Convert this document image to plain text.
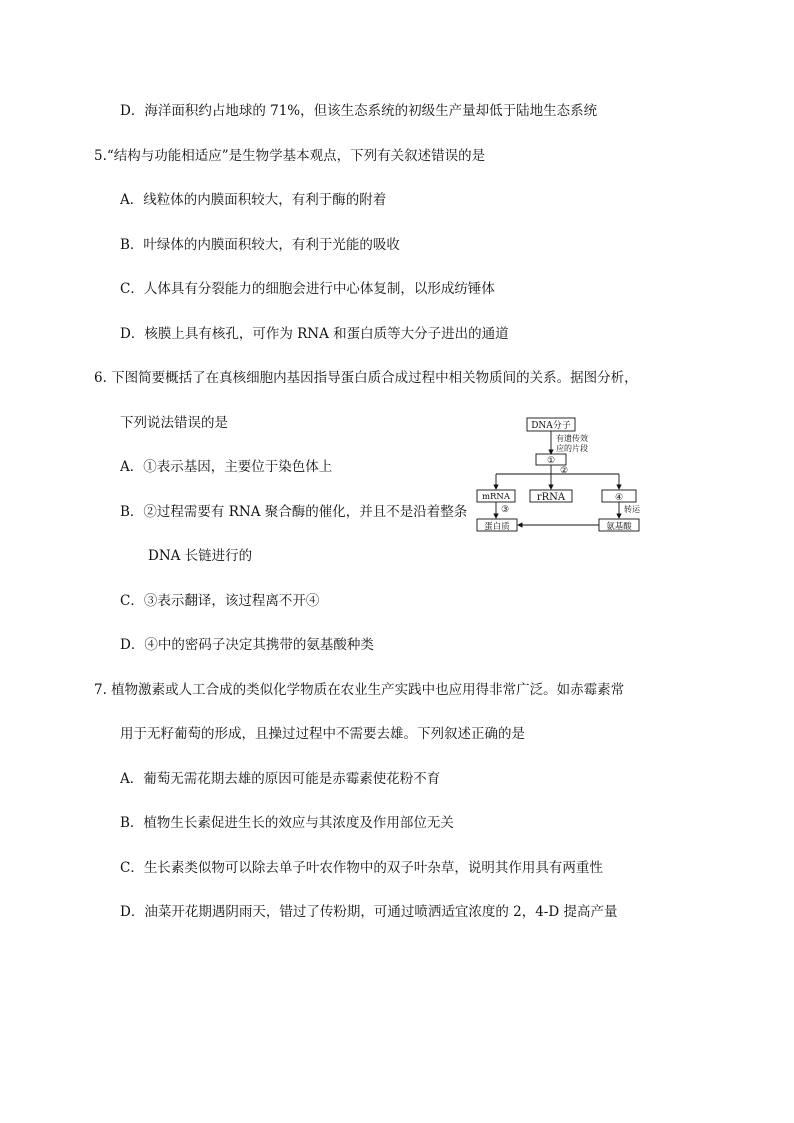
D．海洋面积约占地球的 71%，但该生态系统的初级生产量却低于陆地生态系统
5.“结构与功能相适应”是生物学基本观点，下列有关叙述错误的是
A．线粒体的内膜面积较大，有利于酶的附着
B．叶绿体的内膜面积较大，有利于光能的吸收
C．人体具有分裂能力的细胞会进行中心体复制，以形成纺锤体
D．核膜上具有核孔，可作为 RNA 和蛋白质等大分子进出的通道
6. 下图简要概括了在真核细胞内基因指导蛋白质合成过程中相关物质间的关系。据图分析，
下列说法错误的是
A．①表示基因，主要位于染色体上
B．②过程需要有 RNA 聚合酶的催化，并且不是沿着整条
DNA 长链进行的
C．③表示翻译，该过程离不开④
D．④中的密码子决定其携带的氨基酸种类
DNA分子
有遗传效
应的片段
①
②
mRNA	rRNA	④
③	转运
蛋白质	氨基酸
7. 植物激素或人工合成的类似化学物质在农业生产实践中也应用得非常广泛。如赤霉素常
用于无籽葡萄的形成，且操过过程中不需要去雄。下列叙述正确的是
A．葡萄无需花期去雄的原因可能是赤霉素使花粉不育
B．植物生长素促进生长的效应与其浓度及作用部位无关
C．生长素类似物可以除去单子叶农作物中的双子叶杂草，说明其作用具有两重性
D．油菜开花期遇阴雨天，错过了传粉期，可通过喷洒适宜浓度的 2，4-D 提高产量
